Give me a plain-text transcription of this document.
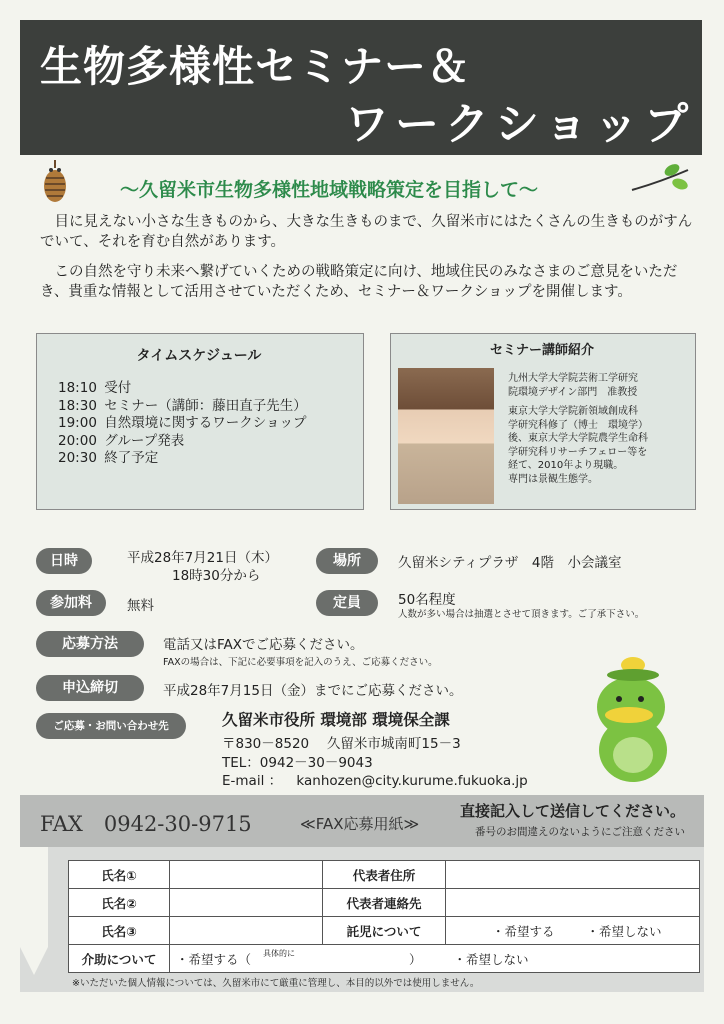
生物多様性セミナー＆
ワークショップ
～久留米市生物多様性地域戦略策定を目指して～
　目に見えない小さな生きものから、大きな生きものまで、久留米市にはたくさんの生きものがすんでいて、それを育む自然があります。
　この自然を守り未来へ繋げていくための戦略策定に向け、地域住民のみなさまのご意見をいただき、貴重な情報として活用させていただくため、セミナー＆ワークショップを開催します。
タイムスケジュール
18:10 受付
18:30 セミナー（講師：藤田直子先生）
19:00 自然環境に関するワークショップ
20:00 グループ発表
20:30 終了予定
セミナー講師紹介
九州大学大学院芸術工学研究
院環境デザイン部門　准教授
東京大学大学院新領域創成科
学研究科修了（博士　環境学）
後、東京大学大学院農学生命科
学研究科リサーチフェロー等を
経て、2010年より現職。
専門は景観生態学。
日時	平成28年7月21日（木）
18時30分から
場所	久留米シティプラザ　4階　小会議室
参加料	無料	定員	50名程度
人数が多い場合は抽選とさせて頂きます。ご了承下さい。
応募方法	電話又はFAXでご応募ください。
FAXの場合は、下記に必要事項を記入のうえ、ご応募ください。
申込締切	平成28年7月15日（金）までにご応募ください。
ご応募・お問い合わせ先	久留米市役所 環境部 環境保全課
〒830－8520　 久留米市城南町15－3
TEL：0942－30－9043
E-mail ： kanhozen@city.kurume.fukuoka.jp
FAX　0942-30-9715	≪FAX応募用紙≫
直接記入して送信してください。
番号のお間違えのないようにご注意ください
氏名①		代表者住所	
氏名②		代表者連絡先	
氏名③		託児について	・希望する ・希望しない
介助について	・希望する（ $^{具体的に}$ ） ・希望しない		
※いただいた個人情報については、久留米市にて厳重に管理し、本目的以外では使用しません。
